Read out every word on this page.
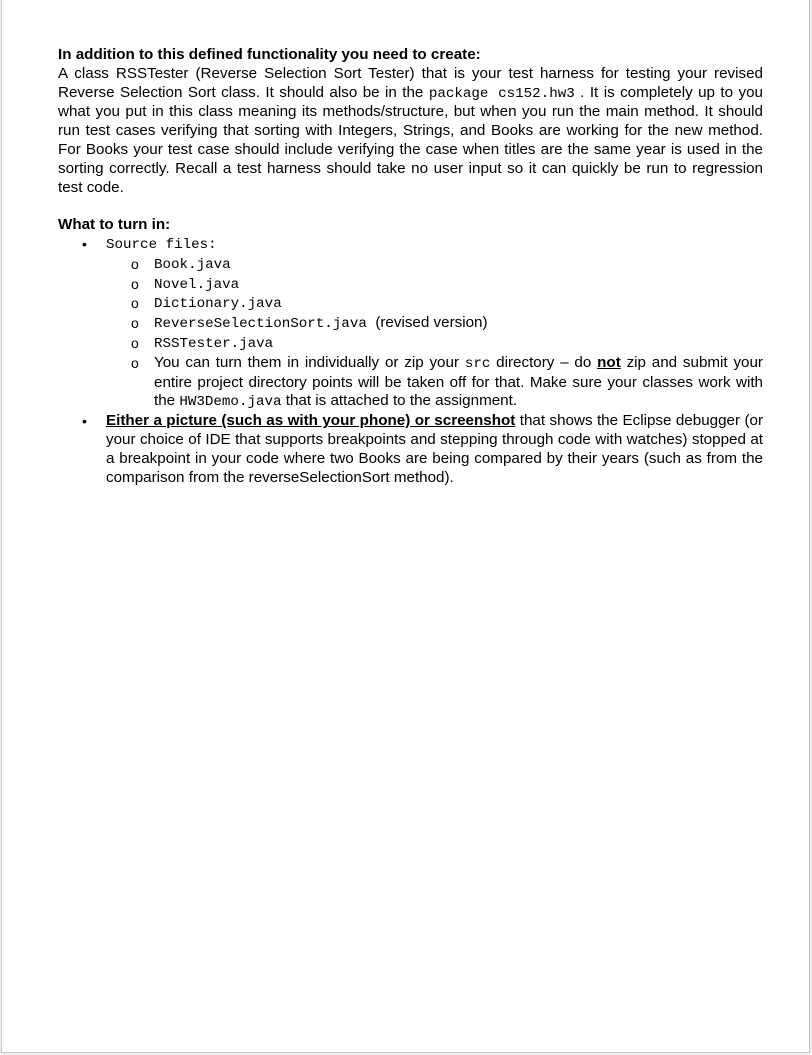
In addition to this defined functionality you need to create:

A class RSSTester (Reverse Selection Sort Tester) that is your test harness for testing your revised Reverse Selection Sort class. It should also be in the package cs152.hw3 . It is completely up to you what you put in this class meaning its methods/structure, but when you run the main method. It should run test cases verifying that sorting with Integers, Strings, and Books are working for the new method. For Books your test case should include verifying the case when titles are the same year is used in the sorting correctly. Recall a test harness should take no user input so it can quickly be run to regression test code.

What to turn in:

•	Source files:
o Book.java
o Novel.java
o Dictionary.java
o ReverseSelectionSort.java (revised version)
o RSSTester.java
o You can turn them in individually or zip your src directory – do not zip and submit your entire project directory points will be taken off for that. Make sure your classes work with the HW3Demo.java that is attached to the assignment.
•	Either a picture (such as with your phone) or screenshot that shows the Eclipse debugger (or your choice of IDE that supports breakpoints and stepping through code with watches) stopped at a breakpoint in your code where two Books are being compared by their years (such as from the comparison from the reverseSelectionSort method).
